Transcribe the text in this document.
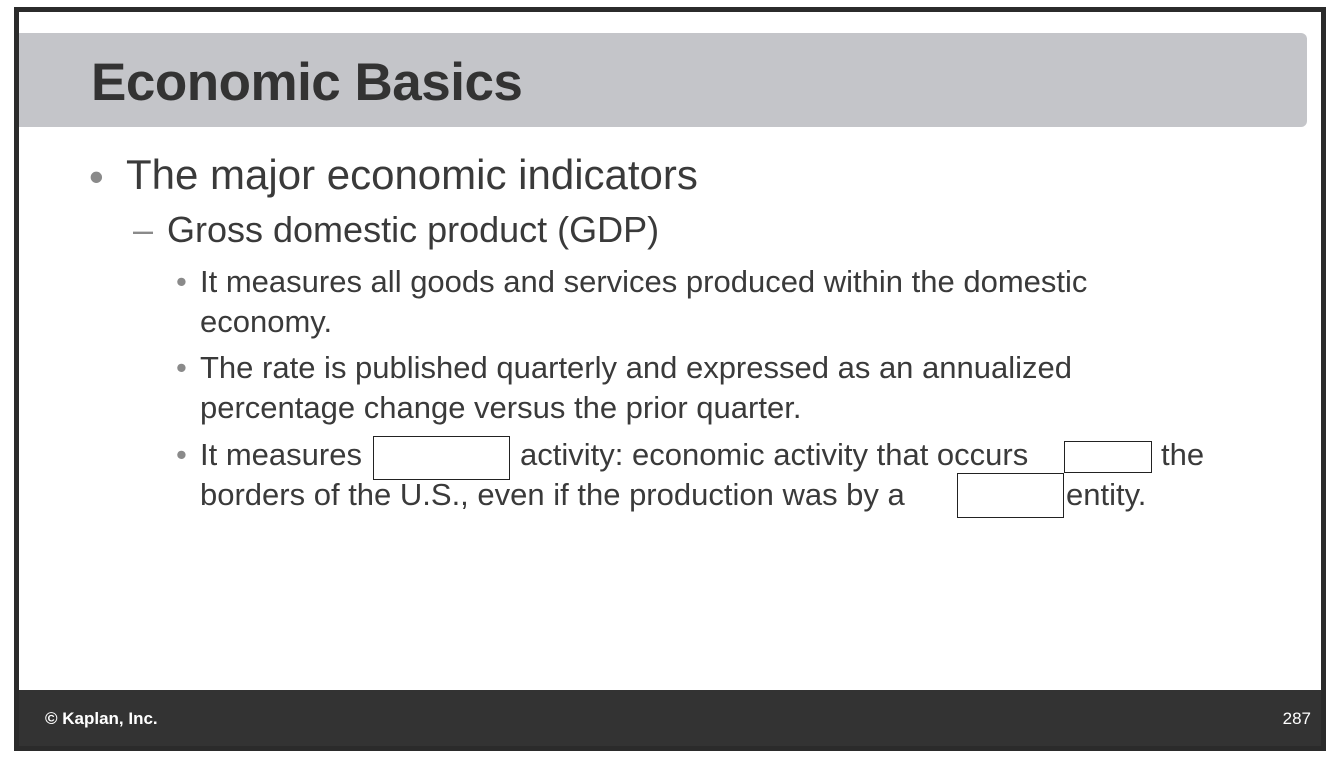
Economic Basics
• The major economic indicators
– Gross domestic product (GDP)
• It measures all goods and services produced within the domestic
economy.
• The rate is published quarterly and expressed as an annualized
percentage change versus the prior quarter.
• It measures	activity: economic activity that occurs	the
borders of the U.S., even if the production was by a	entity.
© Kaplan, Inc.	287
